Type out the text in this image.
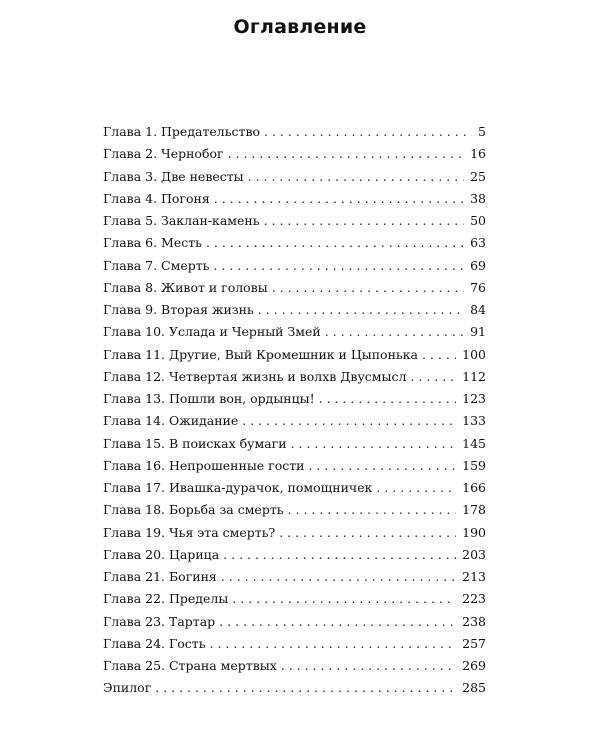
Оглавление
Глава 1. Предательство . . .	5
Глава 2. Чернобог . . .	16
Глава 3. Две невесты . . .	25
Глава 4. Погоня . . .	38
Глава 5. Заклан-камень . . .	50
Глава 6. Месть . . .	63
Глава 7. Смерть . . .	69
Глава 8. Живот и головы . . .	76
Глава 9. Вторая жизнь . . .	84
Глава 10. Услада и Черный Змей . . .	91
Глава 11. Другие, Вый Кромешник и Цыпонька . . .	100
Глава 12. Четвертая жизнь и волхв Двусмысл . . .	112
Глава 13. Пошли вон, ордынцы! . . .	123
Глава 14. Ожидание . . .	133
Глава 15. В поисках бумаги . . .	145
Глава 16. Непрошенные гости . . .	159
Глава 17. Ивашка-дурачок, помощничек . . .	166
Глава 18. Борьба за смерть . . .	178
Глава 19. Чья эта смерть? . . .	190
Глава 20. Царица . . .	203
Глава 21. Богиня . . .	213
Глава 22. Пределы . . .	223
Глава 23. Тартар . . .	238
Глава 24. Гость . . .	257
Глава 25. Страна мертвых . . .	269
Эпилог . . .	285
